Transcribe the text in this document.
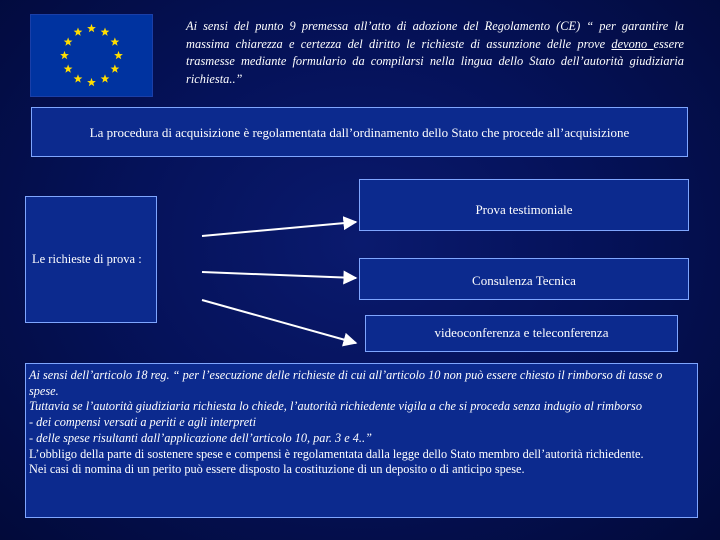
Ai sensi del punto 9 premessa all’atto di adozione del Regolamento (CE) “ per garantire la massima chiarezza e certezza del diritto le richieste di assunzione delle prove devono essere trasmesse mediante formulario da compilarsi nella lingua dello Stato dell’autorità giudiziaria richiesta..”
La procedura di acquisizione è regolamentata dall’ordinamento dello Stato che procede all’acquisizione
Le richieste di prova :
Prova testimoniale
Consulenza Tecnica
videoconferenza e teleconferenza

Ai sensi dell’articolo 18 reg. “ per l’esecuzione delle richieste di cui all’articolo 10 non può essere chiesto il rimborso di tasse o spese.

Tuttavia se l’autorità giudiziaria richiesta lo chiede, l’autorità richiedente vigila a che si proceda senza indugio al rimborso

- dei compensi versati a periti e agli interpreti

- delle spese risultanti dall’applicazione dell’articolo 10, par. 3 e 4..”

L’obbligo della parte di sostenere spese e compensi è regolamentata dalla legge dello Stato membro dell’autorità richiedente.

Nei casi di nomina di un perito può essere disposto la costituzione di un deposito o di anticipo spese.
